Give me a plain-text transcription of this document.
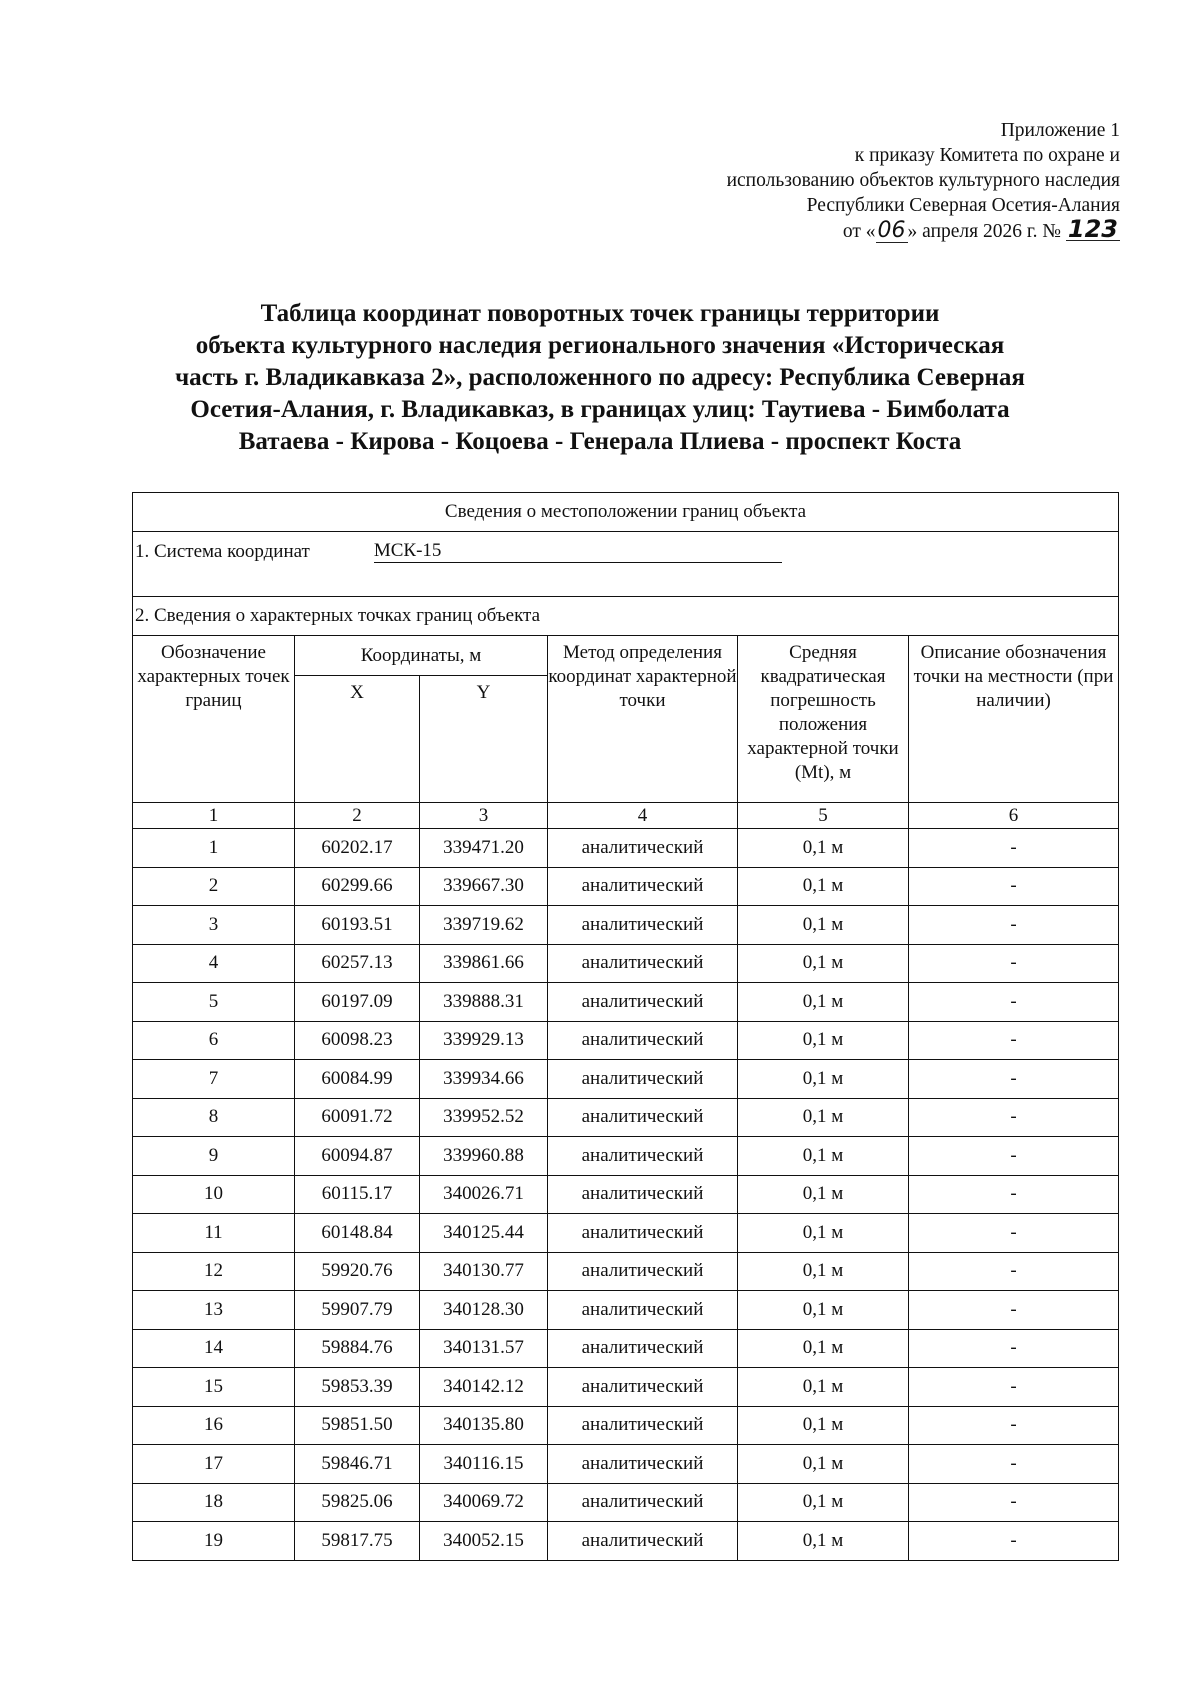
Приложение 1
к приказу Комитета по охране и
использованию объектов культурного наследия
Республики Северная Осетия-Алания
от «06 » апреля 2026 г. № 123
Таблица координат поворотных точек границы территории
объекта культурного наследия регионального значения «Историческая
часть г. Владикавказа 2», расположенного по адресу: Республика Северная
Осетия-Алания, г. Владикавказ, в границах улиц: Таутиева - Бимболата
Ватаева - Кирова - Коцоева - Генерала Плиева - проспект Коста
Сведения о местоположении границ объекта					

1. Система координат МСК-15					

2. Сведения о характерных точках границ объекта					
Обозначение характерных точек границ	Координаты, м		Метод определения координат характерной точки	Средняя квадратическая погрешность положения характерной точки (Mt), м	Описание обозначения точки на местности (при наличии)
	X	Y			
1	2	3	4	5	6
1	60202.17	339471.20	аналитический	0,1 м	-
2	60299.66	339667.30	аналитический	0,1 м	-
3	60193.51	339719.62	аналитический	0,1 м	-
4	60257.13	339861.66	аналитический	0,1 м	-
5	60197.09	339888.31	аналитический	0,1 м	-
6	60098.23	339929.13	аналитический	0,1 м	-
7	60084.99	339934.66	аналитический	0,1 м	-
8	60091.72	339952.52	аналитический	0,1 м	-
9	60094.87	339960.88	аналитический	0,1 м	-
10	60115.17	340026.71	аналитический	0,1 м	-
11	60148.84	340125.44	аналитический	0,1 м	-
12	59920.76	340130.77	аналитический	0,1 м	-
13	59907.79	340128.30	аналитический	0,1 м	-
14	59884.76	340131.57	аналитический	0,1 м	-
15	59853.39	340142.12	аналитический	0,1 м	-
16	59851.50	340135.80	аналитический	0,1 м	-
17	59846.71	340116.15	аналитический	0,1 м	-
18	59825.06	340069.72	аналитический	0,1 м	-
19	59817.75	340052.15	аналитический	0,1 м	-
